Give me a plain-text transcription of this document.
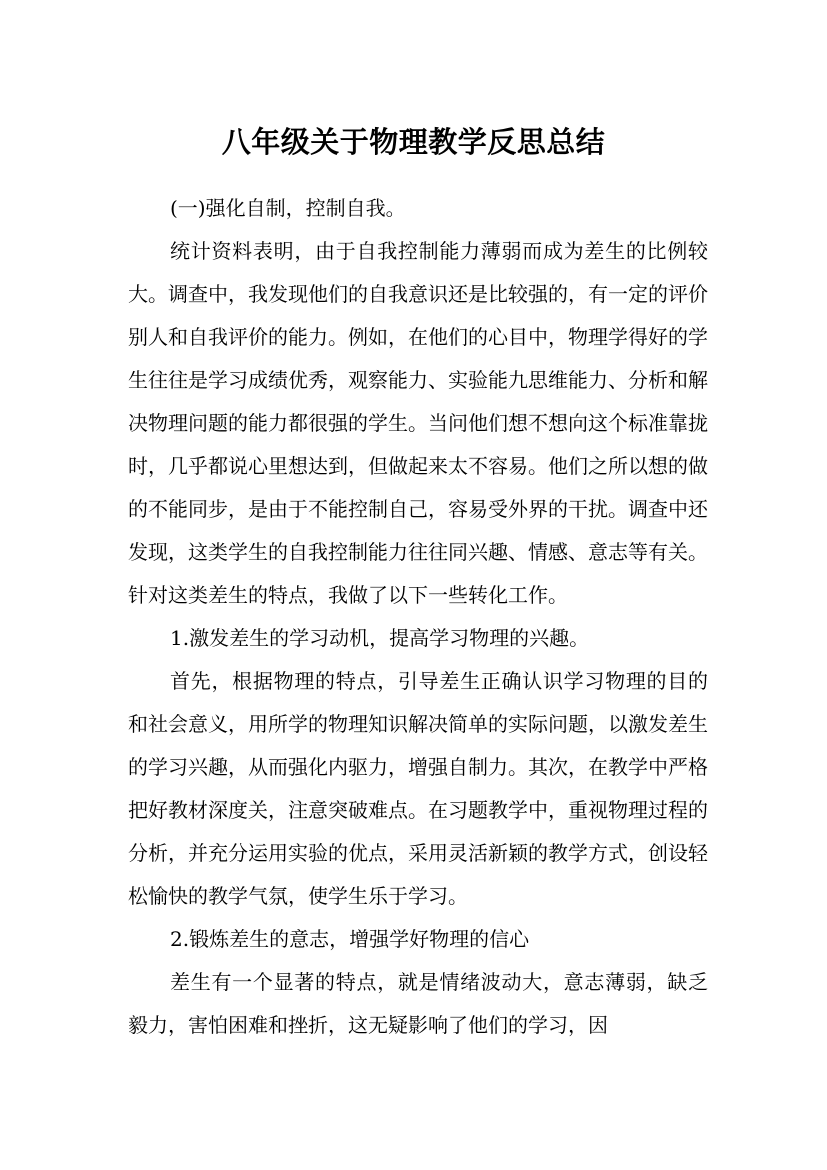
八年级关于物理教学反思总结

(一)强化自制，控制自我。

统计资料表明，由于自我控制能力薄弱而成为差生的比例较大。调查中，我发现他们的自我意识还是比较强的，有一定的评价别人和自我评价的能力。例如，在他们的心目中，物理学得好的学生往往是学习成绩优秀，观察能力、实验能九思维能力、分析和解决物理问题的能力都很强的学生。当问他们想不想向这个标准靠拢时，几乎都说心里想达到，但做起来太不容易。他们之所以想的做的不能同步，是由于不能控制自己，容易受外界的干扰。调查中还发现，这类学生的自我控制能力往往同兴趣、情感、意志等有关。针对这类差生的特点，我做了以下一些转化工作。

1.激发差生的学习动机，提高学习物理的兴趣。

首先，根据物理的特点，引导差生正确认识学习物理的目的和社会意义，用所学的物理知识解决简单的实际问题，以激发差生的学习兴趣，从而强化内驱力，增强自制力。其次，在教学中严格把好教材深度关，注意突破难点。在习题教学中，重视物理过程的分析，并充分运用实验的优点，采用灵活新颖的教学方式，创设轻松愉快的教学气氛，使学生乐于学习。

2.锻炼差生的意志，增强学好物理的信心

差生有一个显著的特点，就是情绪波动大，意志薄弱，缺乏毅力，害怕困难和挫折，这无疑影响了他们的学习，因
